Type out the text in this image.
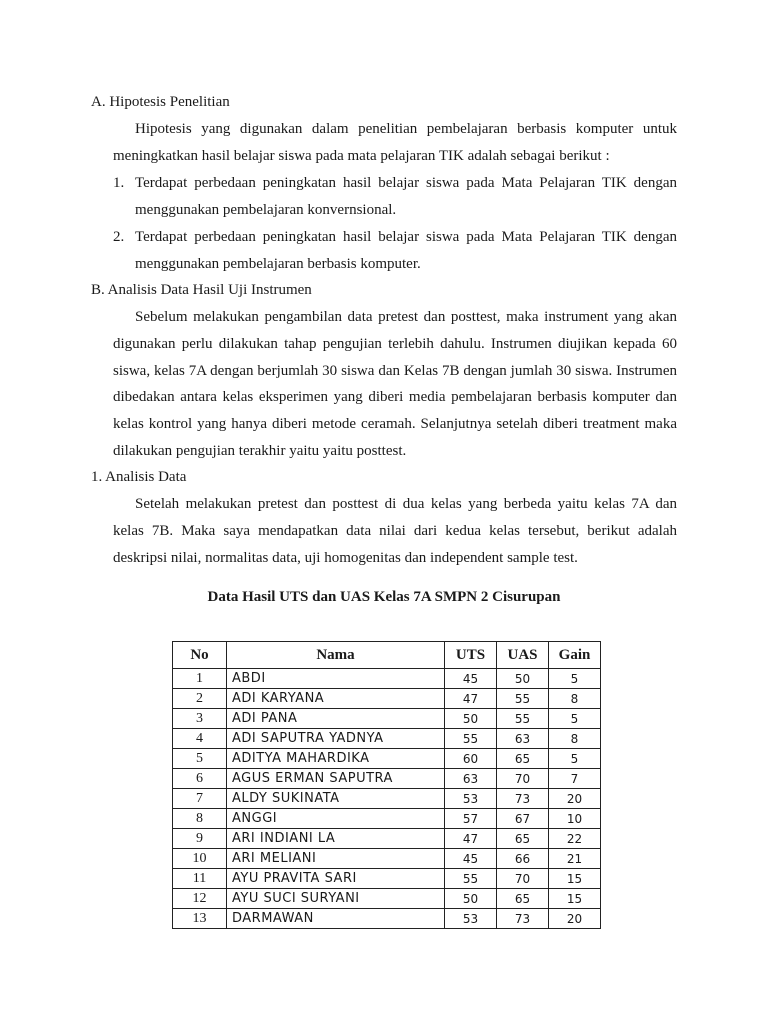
A. Hipotesis Penelitian
Hipotesis yang digunakan dalam penelitian pembelajaran berbasis komputer untuk
meningkatkan hasil belajar siswa pada mata pelajaran TIK adalah sebagai berikut :
1. Terdapat perbedaan peningkatan hasil belajar siswa pada Mata Pelajaran TIK dengan
menggunakan pembelajaran konvernsional.
2. Terdapat perbedaan peningkatan hasil belajar siswa pada Mata Pelajaran TIK dengan
menggunakan pembelajaran berbasis komputer.
B. Analisis Data Hasil Uji Instrumen
Sebelum melakukan pengambilan data pretest dan posttest, maka instrument yang akan
digunakan perlu dilakukan tahap pengujian terlebih dahulu. Instrumen diujikan kepada 60
siswa, kelas 7A dengan berjumlah 30 siswa dan Kelas 7B dengan jumlah 30 siswa. Instrumen
dibedakan antara kelas eksperimen yang diberi media pembelajaran berbasis komputer dan
kelas kontrol yang hanya diberi metode ceramah. Selanjutnya setelah diberi treatment maka
dilakukan pengujian terakhir yaitu yaitu posttest.
1. Analisis Data
Setelah melakukan pretest dan posttest di dua kelas yang berbeda yaitu kelas 7A dan
kelas 7B. Maka saya mendapatkan data nilai dari kedua kelas tersebut, berikut adalah
deskripsi nilai, normalitas data, uji homogenitas dan independent sample test.
Data Hasil UTS dan UAS Kelas 7A SMPN 2 Cisurupan
No	Nama	UTS	UAS	Gain
1	ABDI	45	50	5
2	ADI KARYANA	47	55	8
3	ADI PANA	50	55	5
4	ADI SAPUTRA YADNYA	55	63	8
5	ADITYA MAHARDIKA	60	65	5
6	AGUS ERMAN SAPUTRA	63	70	7
7	ALDY SUKINATA	53	73	20
8	ANGGI	57	67	10
9	ARI INDIANI LA	47	65	22
10	ARI MELIANI	45	66	21
11	AYU PRAVITA SARI	55	70	15
12	AYU SUCI SURYANI	50	65	15
13	DARMAWAN	53	73	20
